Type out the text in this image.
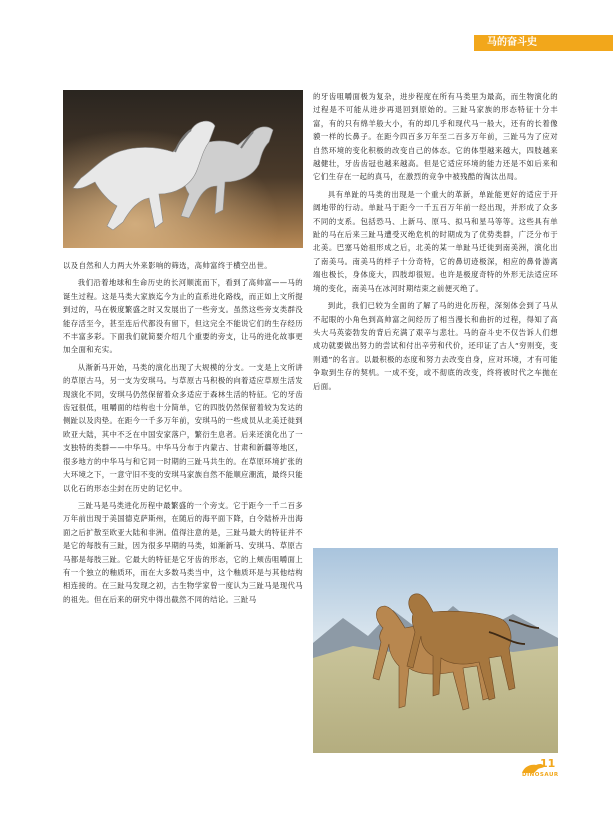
马的奋斗史

以及自然和人力两大外来影响的筛选，高帅富终于横空出世。

我们沿着地球和生命历史的长河顺流而下，看到了高帅富——马的诞生过程。这是马类大家族迄今为止的直系进化路线，而正如上文所提到过的，马在极度繁盛之时又发展出了一些旁支。虽然这些旁支类群没能存活至今，甚至连后代都没有留下，但这完全不能说它们的生存经历不丰富多彩。下面我们就简要介绍几个重要的旁支，让马的进化故事更加全面和充实。

从渐新马开始，马类的演化出现了大规模的分支。一支是上文所讲的草原古马，另一支为安琪马。与草原古马积极的向着适应草原生活发现演化不同，安琪马仍然保留着众多适应于森林生活的特征。它的牙齿齿冠很低，咀嚼面的结构也十分简单，它的四肢仍然保留着较为发达的侧趾以及肉垫。在距今一千多万年前，安琪马的一些成员从北美迁徙到欧亚大陆，其中不乏在中国安家落户，繁衍生息者。后来还演化出了一支独特的类群——中华马。中华马分布于内蒙古、甘肃和新疆等地区，很多地方的中华马与和它同一时期的三趾马共生的。在草原环境扩张的大环境之下，一意守旧不变的安琪马家族自然不能顺应潮流，最终只能以化石的形态尘封在历史的记忆中。

三趾马是马类进化历程中最繁盛的一个旁支。它于距今一千二百多万年前出现于美国德克萨斯州，在随后的海平面下降，白令陆桥升出海面之后扩散至欧亚大陆和非洲。值得注意的是，三趾马最大的特征并不是它的每肢有三趾，因为很多早期的马类，如渐新马、安琪马、草原古马都是每肢三趾。它最大的特征是它牙齿的形态，它的上颊齿咀嚼面上有一个独立的釉质环，而在大多数马类当中，这个釉质环是与其他结构相连接的。在三趾马发现之初，古生物学家曾一度认为三趾马是现代马的祖先。但在后来的研究中得出截然不同的结论。三趾马

的牙齿咀嚼面极为复杂，进步程度在所有马类里为最高，而生物演化的过程是不可能从进步再退回到原始的。三趾马家族的形态特征十分丰富，有的只有绵羊般大小，有的却几乎和现代马一般大，还有的长着像貘一样的长鼻子。在距今四百多万年至二百多万年前，三趾马为了应对自然环境的变化积极的改变自己的体态。它的体型越来越大，四肢越来越健壮，牙齿齿冠也越来越高。但是它适应环境的能力还是不如后来和它们生存在一起的真马，在激烈的竞争中被残酷的淘汰出局。

具有单趾的马类的出现是一个重大的革新，单趾能更好的适应于开阔地带的行动。单趾马于距今一千五百万年前一经出现，并形成了众多不同的支系。包括恐马、上新马、原马、拟马和星马等等。这些具有单趾的马在后来三趾马遭受灭绝危机的时期成为了优势类群，广泛分布于北美。巴塞马始祖形成之后，北美的某一单趾马迁徙到南美洲，演化出了南美马。南美马的样子十分奇特，它的鼻切迹极深，相应的鼻骨游离端也极长，身体庞大，四肢却很短。也许是极度奇特的外形无法适应环境的变化，南美马在冰河时期结束之前便灭绝了。

到此，我们已较为全面的了解了马的进化历程，深刻体会到了马从不起眼的小角色到高帅富之间经历了相当漫长和曲折的过程，得知了高头大马英姿勃发的背后充满了艰辛与悲壮。马的奋斗史不仅告诉人们想成功就要做出努力的尝试和付出辛劳和代价，还印证了古人“穷则变，变则通”的名言。以最积极的态度和努力去改变自身，应对环境，才有可能争取到生存的契机。一成不变，或不彻底的改变，终将被时代之车抛在后面。

11
DINOSAUR
